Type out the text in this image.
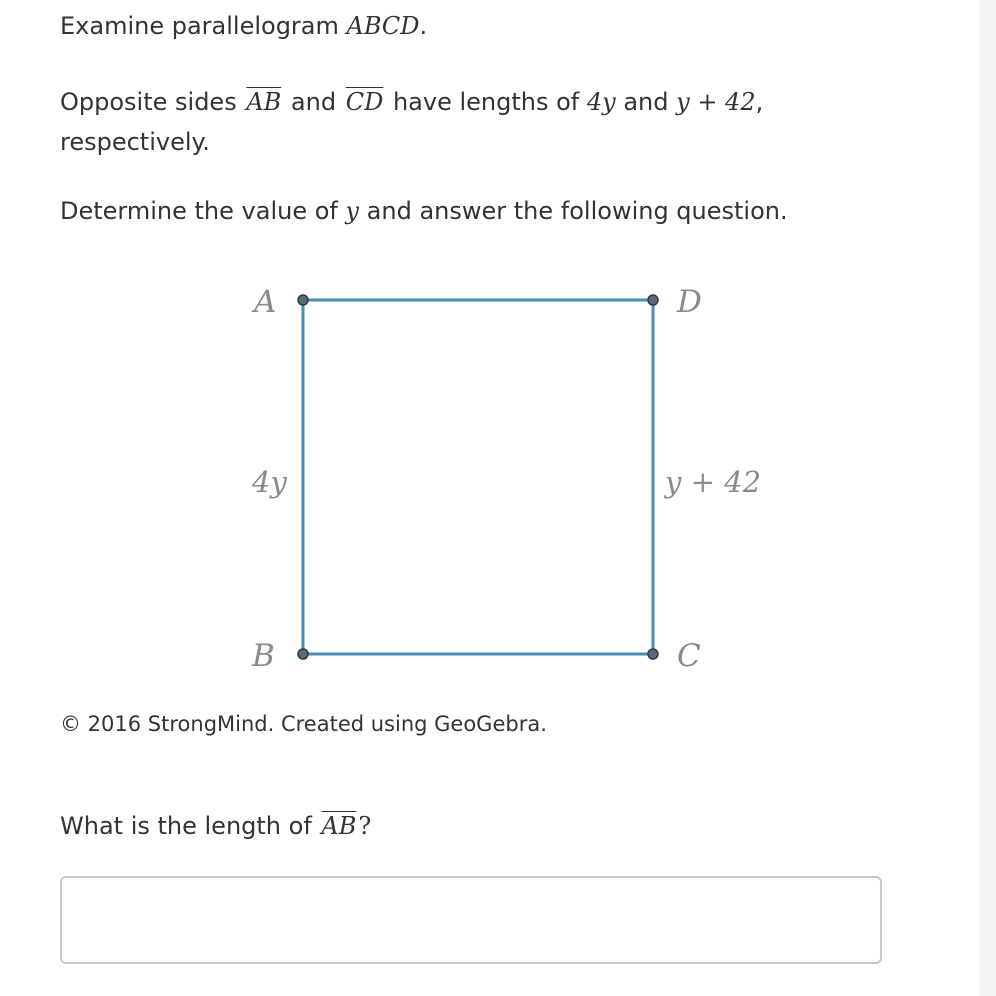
Examine parallelogram ABCD.

Opposite sides $\overline{AB}$ and $\overline{CD}$ have lengths of 4y and y + 42,

respectively.

Determine the value of y and answer the following question.

A	D
B	C
4y	y + 42
© 2016 StrongMind. Created using GeoGebra.
What is the length of $\overline{AB}$?
